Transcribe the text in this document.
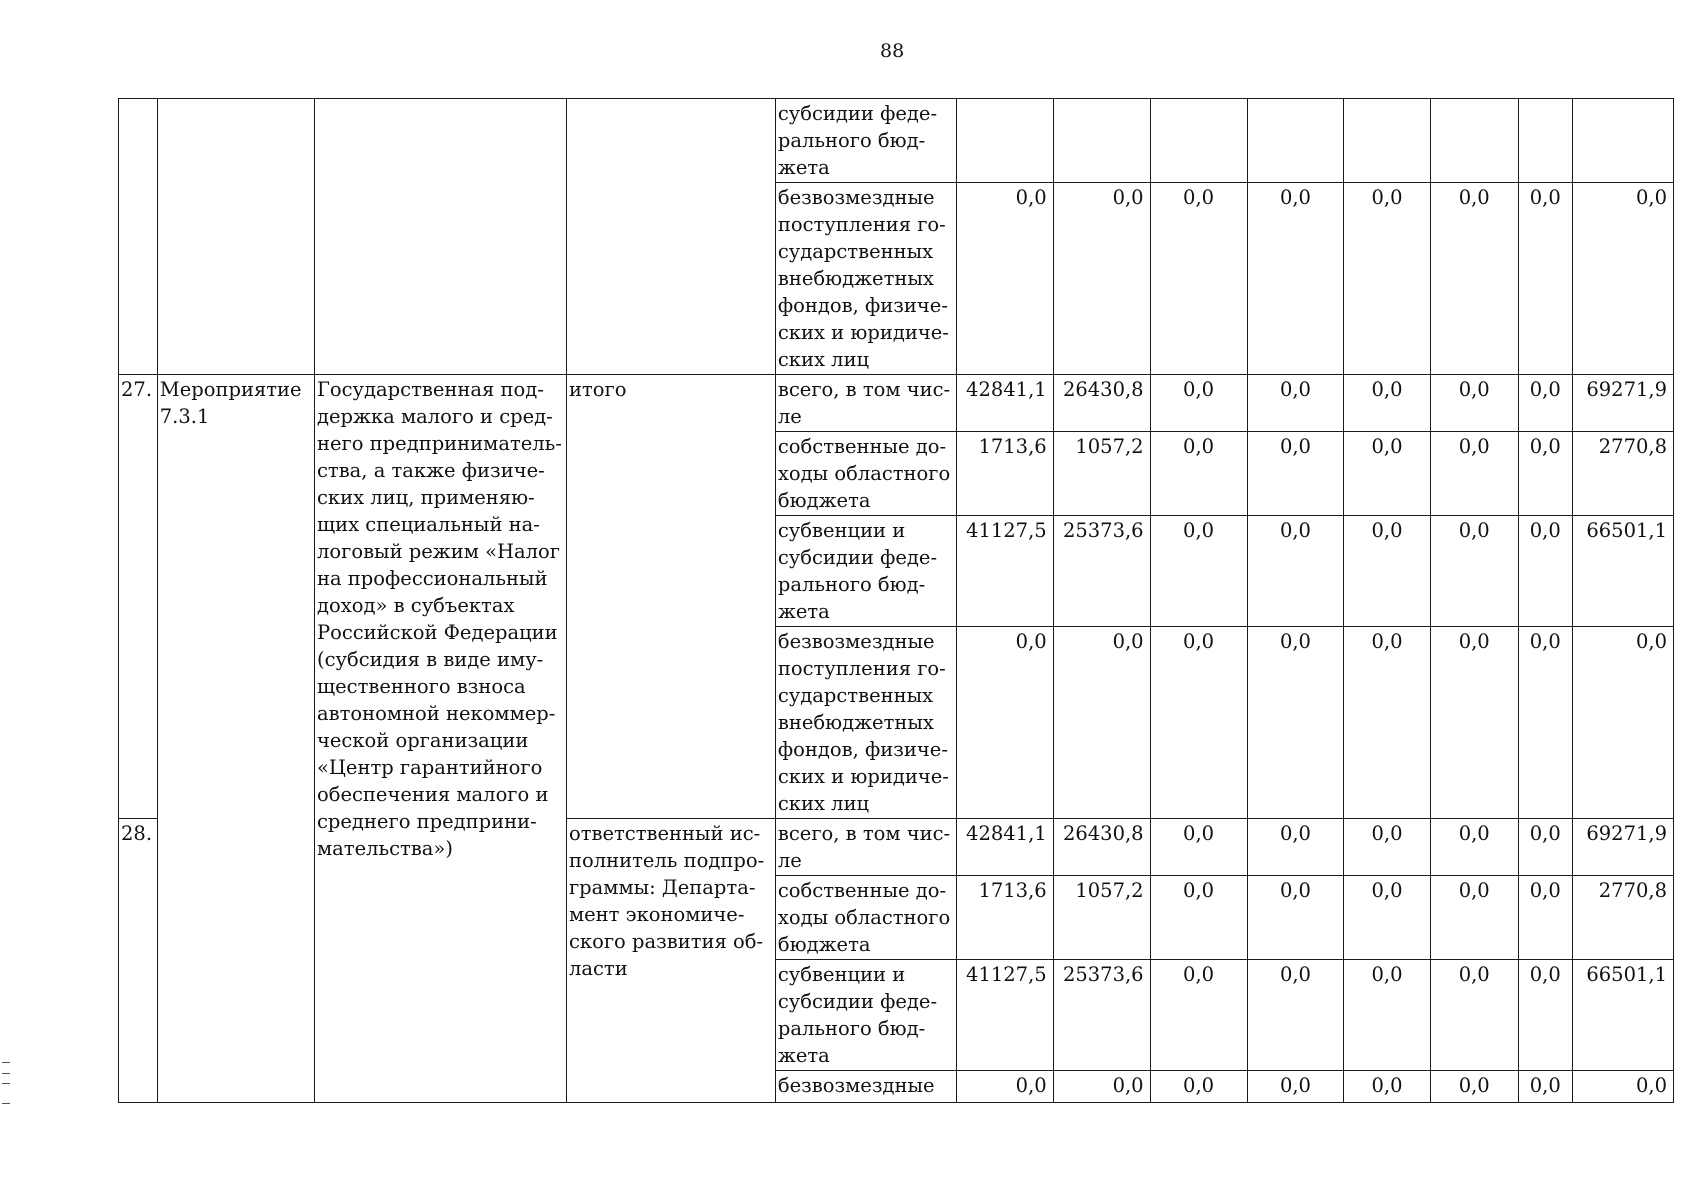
88
				субсидии феде-рального бюд-жета								
				безвозмездные поступления го-сударственных внебюджетных фондов, физиче-ских и юридиче-ских лиц	0,0	0,0	0,0	0,0	0,0	0,0	0,0	0,0
27.	Мероприятие 7.3.1	Государственная под-держка малого и сред-него предприниматель-ства, а также физиче-ских лиц, применяю-щих специальный на-логовый режим «Налог на профессиональный доход» в субъектах Российской Федерации (субсидия в виде иму-щественного взноса автономной некоммер-ческой организации «Центр гарантийного обеспечения малого и среднего предприни-мательства»)	итого	всего, в том чис-ле	42841,1	26430,8	0,0	0,0	0,0	0,0	0,0	69271,9
				собственные до-ходы областного бюджета	1713,6	1057,2	0,0	0,0	0,0	0,0	0,0	2770,8
				субвенции и субсидии феде-рального бюд-жета	41127,5	25373,6	0,0	0,0	0,0	0,0	0,0	66501,1
				безвозмездные поступления го-сударственных внебюджетных фондов, физиче-ских и юридиче-ских лиц	0,0	0,0	0,0	0,0	0,0	0,0	0,0	0,0
28.			ответственный ис-полнитель подпро-граммы: Департа-мент экономиче-ского развития об-ласти	всего, в том чис-ле	42841,1	26430,8	0,0	0,0	0,0	0,0	0,0	69271,9
				собственные до-ходы областного бюджета	1713,6	1057,2	0,0	0,0	0,0	0,0	0,0	2770,8
				субвенции и субсидии феде-рального бюд-жета	41127,5	25373,6	0,0	0,0	0,0	0,0	0,0	66501,1
				безвозмездные	0,0	0,0	0,0	0,0	0,0	0,0	0,0	0,0
